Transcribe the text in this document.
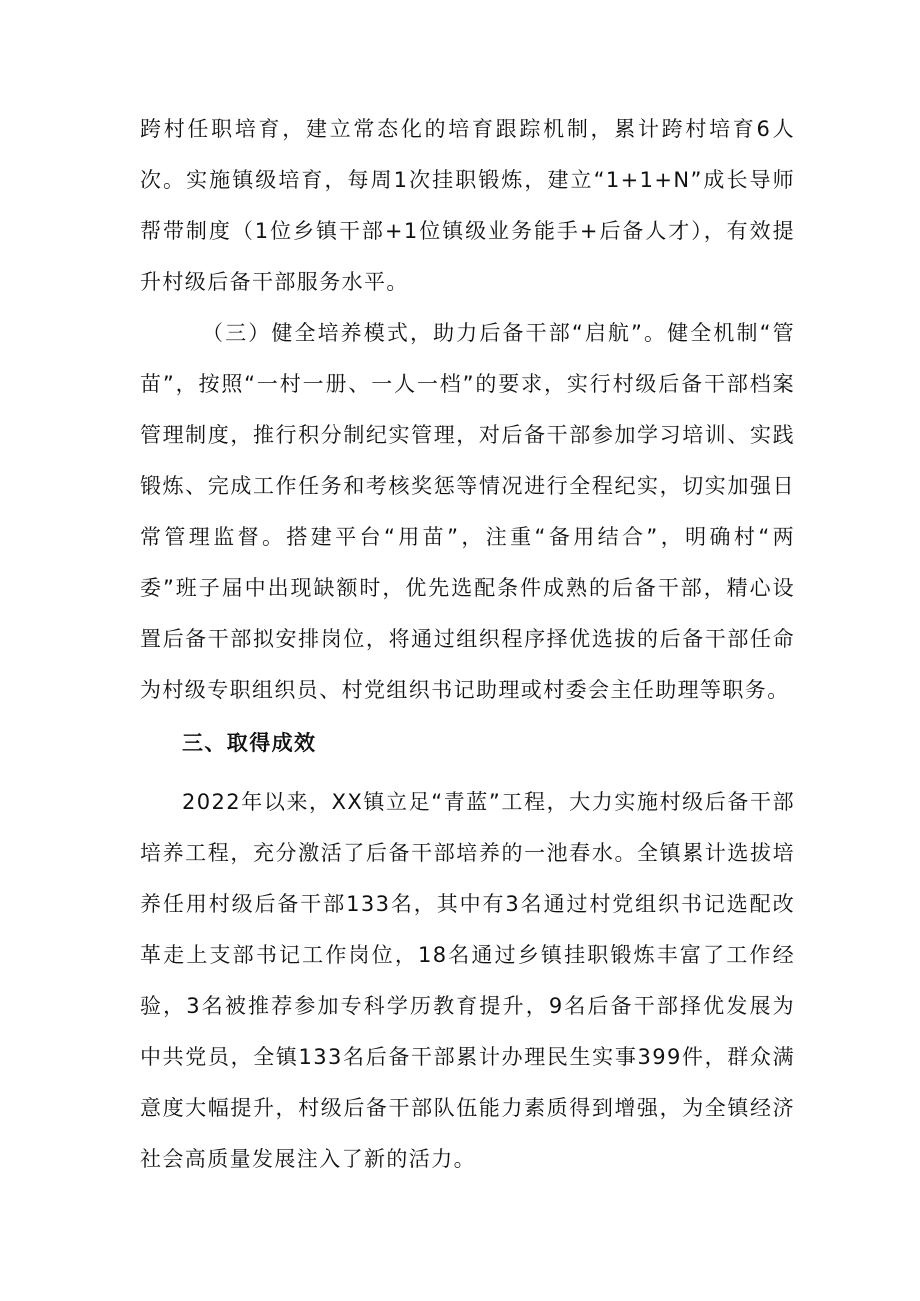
跨村任职培育，建立常态化的培育跟踪机制，累计跨村培育6人次。实施镇级培育，每周1次挂职锻炼，建立“1+1+N”成长导师帮带制度（1位乡镇干部+1位镇级业务能手+后备人才），有效提升村级后备干部服务水平。

（三）健全培养模式，助力后备干部“启航”。健全机制“管苗”，按照“一村一册、一人一档”的要求，实行村级后备干部档案管理制度，推行积分制纪实管理，对后备干部参加学习培训、实践锻炼、完成工作任务和考核奖惩等情况进行全程纪实，切实加强日常管理监督。搭建平台“用苗”，注重“备用结合”，明确村“两委”班子届中出现缺额时，优先选配条件成熟的后备干部，精心设置后备干部拟安排岗位，将通过组织程序择优选拔的后备干部任命为村级专职组织员、村党组织书记助理或村委会主任助理等职务。

三、取得成效

2022年以来，XX镇立足“青蓝”工程，大力实施村级后备干部培养工程，充分激活了后备干部培养的一池春水。全镇累计选拔培养任用村级后备干部133名，其中有3名通过村党组织书记选配改革走上支部书记工作岗位，18名通过乡镇挂职锻炼丰富了工作经验，3名被推荐参加专科学历教育提升，9名后备干部择优发展为中共党员，全镇133名后备干部累计办理民生实事399件，群众满意度大幅提升，村级后备干部队伍能力素质得到增强，为全镇经济社会高质量发展注入了新的活力。
